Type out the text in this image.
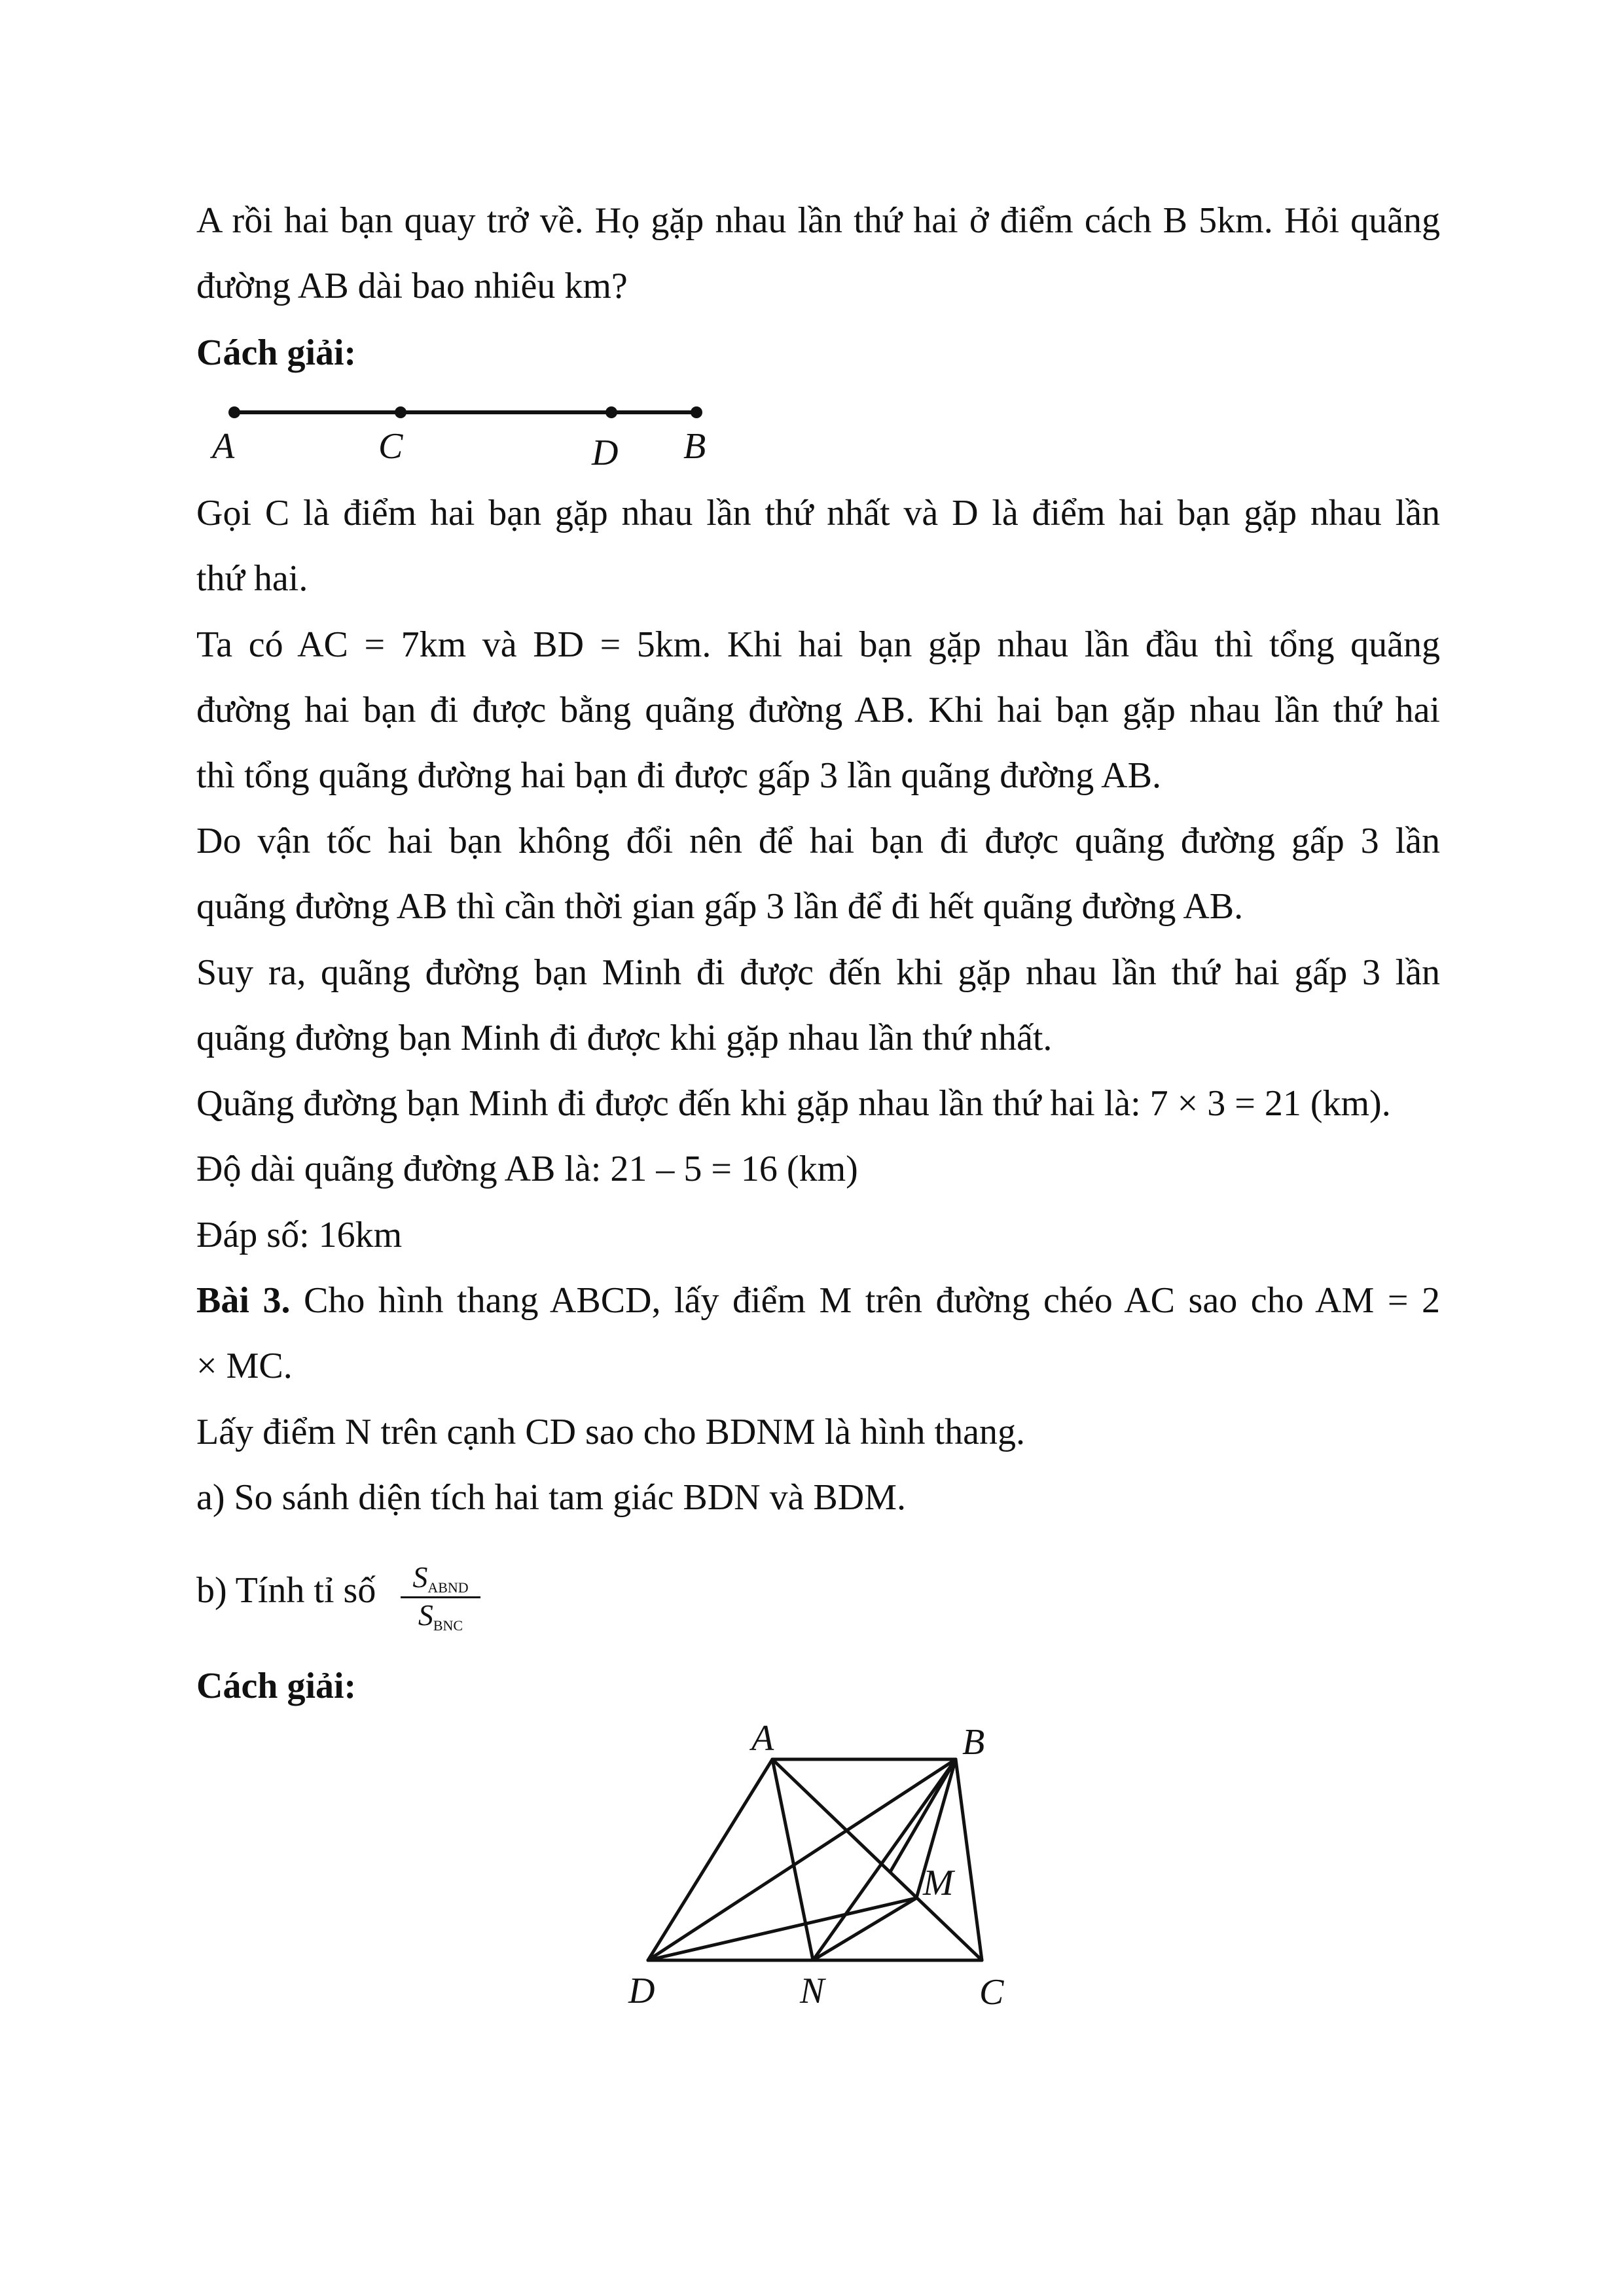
A rồi hai bạn quay trở về. Họ gặp nhau lần thứ hai ở điểm cách B 5km. Hỏi quãng
đường AB dài bao nhiêu km?
Cách giải:
A	C	D B
Gọi C là điểm hai bạn gặp nhau lần thứ nhất và D là điểm hai bạn gặp nhau lần
thứ hai.
Ta có AC = 7km và BD = 5km. Khi hai bạn gặp nhau lần đầu thì tổng quãng
đường hai bạn đi được bằng quãng đường AB. Khi hai bạn gặp nhau lần thứ hai
thì tổng quãng đường hai bạn đi được gấp 3 lần quãng đường AB.
Do vận tốc hai bạn không đổi nên để hai bạn đi được quãng đường gấp 3 lần
quãng đường AB thì cần thời gian gấp 3 lần để đi hết quãng đường AB.
Suy ra, quãng đường bạn Minh đi được đến khi gặp nhau lần thứ hai gấp 3 lần
quãng đường bạn Minh đi được khi gặp nhau lần thứ nhất.
Quãng đường bạn Minh đi được đến khi gặp nhau lần thứ hai là: 7 × 3 = 21 (km).
Độ dài quãng đường AB là: 21 – 5 = 16 (km)
Đáp số: 16km
Bài 3. Cho hình thang ABCD, lấy điểm M trên đường chéo AC sao cho AM = 2
× MC.
Lấy điểm N trên cạnh CD sao cho BDNM là hình thang.
a) So sánh diện tích hai tam giác BDN và BDM.
b) Tính tỉ số	$S_{ABND}$
$S_{BNC}$
Cách giải:
A	B
M
D	N	C
